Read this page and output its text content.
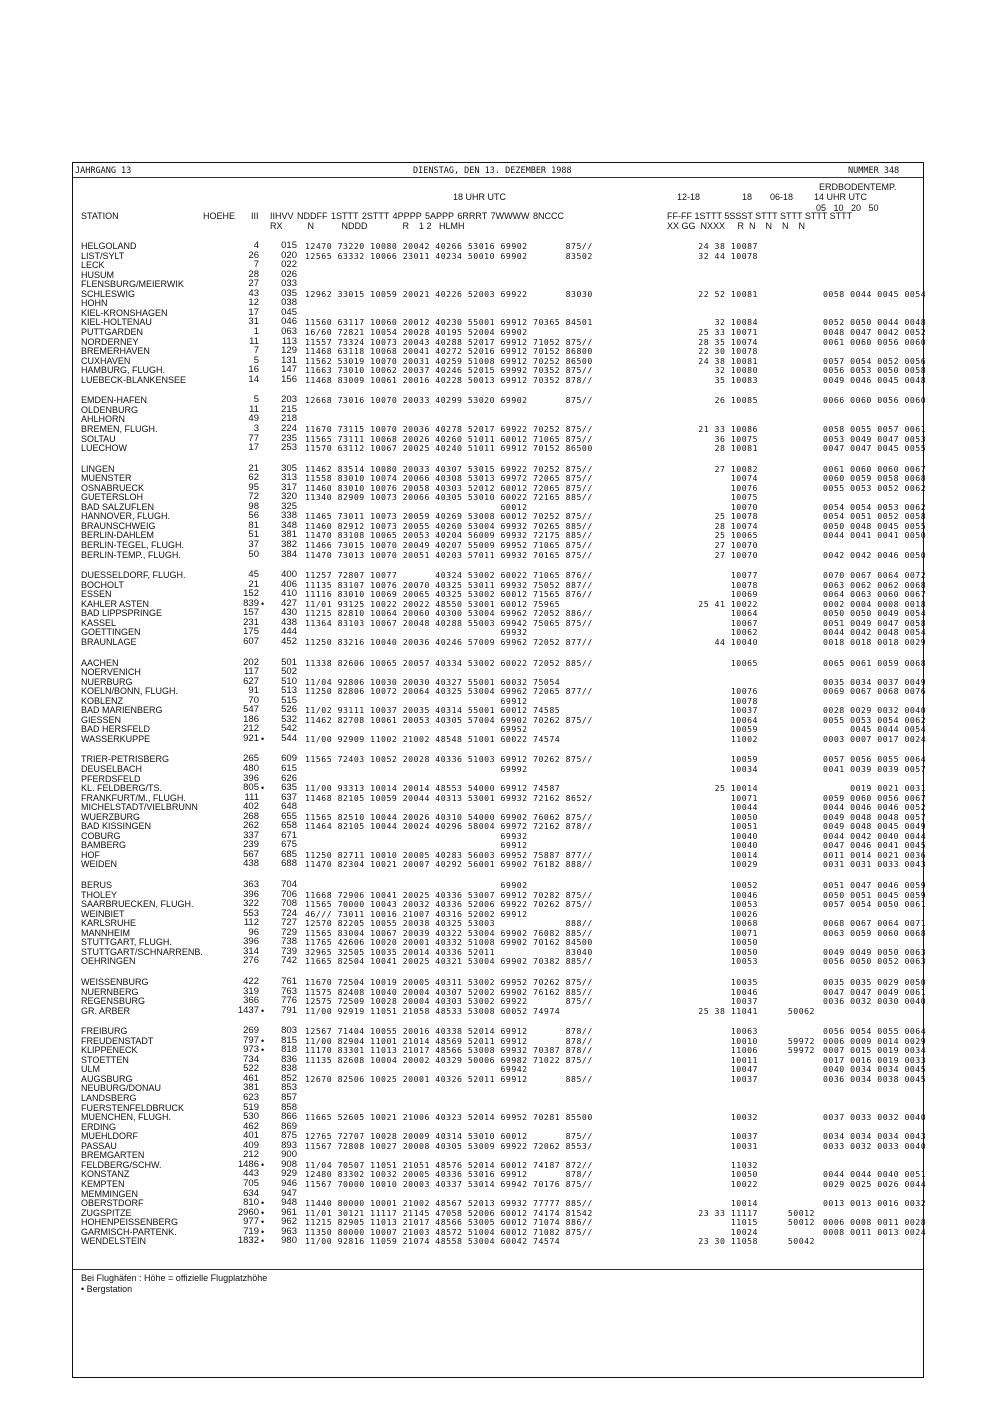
JAHRGANG 13	DIENSTAG, DEN 13. DEZEMBER 1988	NUMMER 348
18 UHR UTC	12-18	18 06-18
ERDBODENTEMP.
14 UHR UTC
05   10   20   50
STATION	HOEHE III IIHVV NDDFF 1STTT 2STTT 4PPPP 5APPP 6RRRT 7WWWW 8NCCC
RX          N           NDDD              R    1 2   HLMH
FF-FF 1STTT 5SSST STTT STTT STTT STTT
XX GG  NXXX     R  N    N    N    N
HELGOLAND	4	015 12470 73220 10080 20042 40266 53016 69902       875//	24 38 10087
LIST/SYLT	26	020 12565 63332 10066 23011 40234 50010 69902       83502	32 44 10078
LECK	7	022
HUSUM	28	026
FLENSBURG/MEIERWIK	27	033
SCHLESWIG	43	035 12962 33015 10059 20021 40226 52003 69922       83030	22 52 10081	0058 0044 0045 0054
HOHN	12	038
KIEL-KRONSHAGEN	17	045
KIEL-HOLTENAU	31	046 11560 63117 10060 20012 40230 55001 69912 70365 84501	32 10084	0052 0050 0044 0048
PUTTGARDEN	1	063 16/60 72821 10054 20028 40195 52004 69902	25 33 10071	0048 0047 0042 0052
NORDERNEY	11	113 11557 73324 10073 20043 40288 52017 69912 71052 875//	28 35 10074	0061 0060 0056 0060
BREMERHAVEN	7	129 11468 63118 10068 20041 40272 52016 69912 70152 86800	22 30 10078
CUXHAVEN	5	131 11562 53019 10070 20031 40259 51008 69912 70252 86500	24 38 10081	0057 0054 0052 0056
HAMBURG, FLUGH.	16	147 11663 73010 10062 20037 40246 52015 69992 70352 875//	32 10080	0056 0053 0050 0058
LUEBECK-BLANKENSEE	14	156 11468 83009 10061 20016 40228 50013 69912 70352 878//	35 10083	0049 0046 0045 0048
EMDEN-HAFEN	5	203 12668 73016 10070 20033 40299 53020 69902       875//	26 10085	0066 0060 0056 0060
OLDENBURG	11	215
AHLHORN	49	218
BREMEN, FLUGH.	3	224 11670 73115 10070 20036 40278 52017 69922 70252 875//	21 33 10086	0058 0055 0057 0061
SOLTAU	77	235 11565 73111 10068 20026 40260 51011 60012 71065 875//	36 10075	0053 0049 0047 0053
LUECHOW	17	253 11570 63112 10067 20025 40240 51011 69912 70152 86500	28 10081	0047 0047 0045 0055
LINGEN	21	305 11462 83514 10080 20033 40307 53015 69922 70252 875//	27 10082	0061 0060 0060 0067
MUENSTER	62	313 11558 83010 10074 20066 40308 53013 69972 72065 875//	10074	0060 0059 0058 0068
OSNABRUECK	95	317 11460 83010 10076 20058 40303 52012 60012 72065 875//	10076	0055 0053 0052 0062
GUETERSLOH	72	320 11340 82909 10073 20066 40305 53010 60022 72165 885//	10075
BAD SALZUFLEN	98	325 60012	10070	0054 0054 0053 0062
HANNOVER, FLUGH.	56	338 11465 73011 10073 20059 40269 53008 60012 70252 875//	25 10078	0054 0051 0052 0058
BRAUNSCHWEIG	81	348 11460 82912 10073 20055 40260 53004 69932 70265 885//	28 10074	0050 0048 0045 0055
BERLIN-DAHLEM	51	381 11470 83108 10065 20053 40204 56009 69932 72175 885//	25 10065	0044 0041 0041 0050
BERLIN-TEGEL, FLUGH.	37	382 11466 73015 10070 20049 40207 55009 69952 71065 875//	27 10070
BERLIN-TEMP., FLUGH.	50	384 11470 73013 10070 20051 40203 57011 69932 70165 875//	27 10070	0042 0042 0046 0050
DUESSELDORF, FLUGH.	45	400 11257 72807 10077       40324 53002 60022 71065 876//	10077	0070 0067 0064 0072
BOCHOLT	21	406 11135 83107 10076 20070 40325 53011 69932 75052 887//	10078	0063 0062 0062 0068
ESSEN	152	410 11116 83010 10069 20065 40325 53002 60012 71565 876//	10069	0064 0063 0060 0067
KAHLER ASTEN	839 •	427 11/01 93125 10022 20022 48550 53001 60012 75965	25 41 10022	0002 0004 0008 0018
BAD LIPPSPRINGE	157	430 11215 82810 10064 20060 40300 53004 69962 72052 886//	10064	0050 0050 0049 0054
KASSEL	231	438 11364 83103 10067 20048 40288 55003 69942 75065 875//	10067	0051 0049 0047 0058
GOETTINGEN	175	444 69932	10062	0044 0042 0048 0054
BRAUNLAGE	607	452 11250 83216 10040 20036 40246 57009 69962 72052 877//	44 10040	0018 0018 0018 0029
AACHEN	202	501 11338 82606 10065 20057 40334 53002 60022 72052 885//	10065	0065 0061 0059 0068
NOERVENICH	117	502
NUERBURG	627	510 11/04 92806 10030 20030 40327 55001 60032 75054	0035 0034 0037 0049
KOELN/BONN, FLUGH.	91	513 11250 82806 10072 20064 40325 53004 69962 72065 877//	10076	0069 0067 0068 0076
KOBLENZ	70	515 69912	10078
BAD MARIENBERG	547	526 11/02 93111 10037 20035 40314 55001 60012 74585	10037	0028 0029 0032 0040
GIESSEN	186	532 11462 82708 10061 20053 40305 57004 69902 70262 875//	10064	0055 0053 0054 0062
BAD HERSFELD	212	542 69952	10059	0045 0044 0054
WASSERKUPPE	921 •	544 11/00 92909 11002 21002 48548 51001 60022 74574	11002	0003 0007 0017 0024
TRIER-PETRISBERG	265	609 11565 72403 10052 20028 40336 51003 69912 70262 875//	10059	0057 0056 0055 0064
DEUSELBACH	480	615 69992	10034	0041 0039 0039 0057
PFERDSFELD	396	626
KL. FELDBERG/TS.	805 •	635 11/00 93313 10014 20014 48553 54000 69912 74587	25 10014	0019 0021 0031
FRANKFURT/M., FLUGH.	111	637 11468 82105 10059 20044 40313 53001 69932 72162 8652/	10071	0059 0060 0056 0067
MICHELSTADT/VIELBRUNN	402	648	10044	0044 0046 0046 0052
WUERZBURG	268	655 11565 82510 10044 20026 40310 54000 69902 76062 875//	10050	0049 0048 0048 0057
BAD KISSINGEN	262	658 11464 82105 10044 20024 40296 58004 69972 72162 878//	10051	0049 0048 0045 0049
COBURG	337	671 69932	10040	0044 0042 0040 0044
BAMBERG	239	675 69912	10040	0047 0046 0041 0045
HOF	567	685 11250 82711 10010 20005 40283 56003 69952 75887 877//	10014	0011 0014 0021 0036
WEIDEN	438	688 11470 82304 10021 20007 40292 56001 69902 76182 888//	10029	0031 0031 0033 0043
BERUS	363	704 69902	10052	0051 0047 0046 0059
THOLEY	396	706 11668 72906 10041 20025 40336 53007 69912 70282 875//	10046	0050 0051 0045 0059
SAARBRUECKEN, FLUGH.	322	708 11565 70000 10043 20032 40336 52006 69922 70262 875//	10053	0057 0054 0050 0061
WEINBIET	553	724 46/// 73011 10016 21007 40316 52002 69912	10026
KARLSRUHE	112	727 12570 82205 10055 20038 40325 53003             888//	10068	0068 0067 0064 0071
MANNHEIM	96	729 11565 83004 10067 20039 40322 53004 69902 76082 885//	10071	0063 0059 0060 0068
STUTTGART, FLUGH.	396	738 11765 42606 10020 20001 40332 51008 69902 70162 84500	10050
STUTTGART/SCHNARRENB.	314	739 32965 32505 10035 20014 40336 52011             83040	10050	0049 0049 0050 0063
OEHRINGEN	276	742 11665 82504 10041 20025 40321 53004 69902 70382 885//	10053	0056 0050 0052 0063
WEISSENBURG	422	761 11670 72504 10019 20005 40311 53002 69952 70262 875//	10035	0035 0035 0029 0050
NUERNBERG	319	763 11575 82408 10040 20004 40307 52002 69902 76162 885//	10046	0047 0047 0049 0061
REGENSBURG	366	776 12575 72509 10028 20004 40303 53002 69922       875//	10037	0036 0032 0030 0040
GR. ARBER	1437 •	791 11/00 92919 11051 21058 48533 53008 60052 74974	25 38 11041	50062
FREIBURG	269	803 12567 71404 10055 20016 40338 52014 69912       878//	10063	0056 0054 0055 0064
FREUDENSTADT	797 •	815 11/00 82904 11001 21014 48569 52011 69912       878//	10010	59972 0006 0009 0014 0029
KLIPPENECK	973 •	818 11170 83301 11013 21017 48566 53008 69932 70387 878//	11006	59972 0007 0015 0019 0034
STOETTEN	734	836 11135 82608 10004 20002 40329 50006 69982 71022 875//	10011	0017 0016 0019 0033
ULM	522	838 69942	10047	0040 0034 0034 0045
AUGSBURG	461	852 12670 82506 10025 20001 40326 52011 69912       885//	10037	0036 0034 0038 0045
NEUBURG/DONAU	381	853
LANDSBERG	623	857
FUERSTENFELDBRUCK	519	858
MUENCHEN, FLUGH.	530	866 11665 52605 10021 21006 40323 52014 69952 70281 85500	10032	0037 0033 0032 0040
ERDING	462	869
MUEHLDORF	401	875 12765 72707 10028 20009 40314 53010 60012       875//	10037	0034 0034 0034 0043
PASSAU	409	893 11567 72808 10027 20008 40305 53009 69922 72062 8553/	10031	0033 0032 0033 0040
BREMGARTEN	212	900
FELDBERG/SCHW.	1486 •	908 11/04 70507 11051 21051 48576 52014 60012 74187 872//	11032
KONSTANZ	443	929 12480 83302 10032 20005 40336 53016 69912       878//	10050	0044 0044 0040 0051
KEMPTEN	705	946 11567 70000 10010 20003 40337 53014 69942 70176 875//	10022	0029 0025 0026 0044
MEMMINGEN	634	947
OBERSTDORF	810 •	948 11440 80000 10001 21002 48567 52013 69932 77777 885//	10014	0013 0013 0016 0032
ZUGSPITZE	2960 •	961 11/01 30121 11117 21145 47058 52006 60012 74174 81542	23 33 11117	50012
HOHENPEISSENBERG	977 •	962 11215 82905 11013 21017 48566 53005 60012 71074 886//	11015	50012 0006 0008 0011 0028
GARMISCH-PARTENK.	719 •	963 11350 80000 10007 21003 48572 51004 60012 71082 875//	10024	0008 0011 0013 0024
WENDELSTEIN	1832 •	980 11/00 92816 11059 21074 48558 53004 60042 74574	23 30 11058	50042
Bei Flughäfen : Höhe = offizielle Flugplatzhöhe
• Bergstation
